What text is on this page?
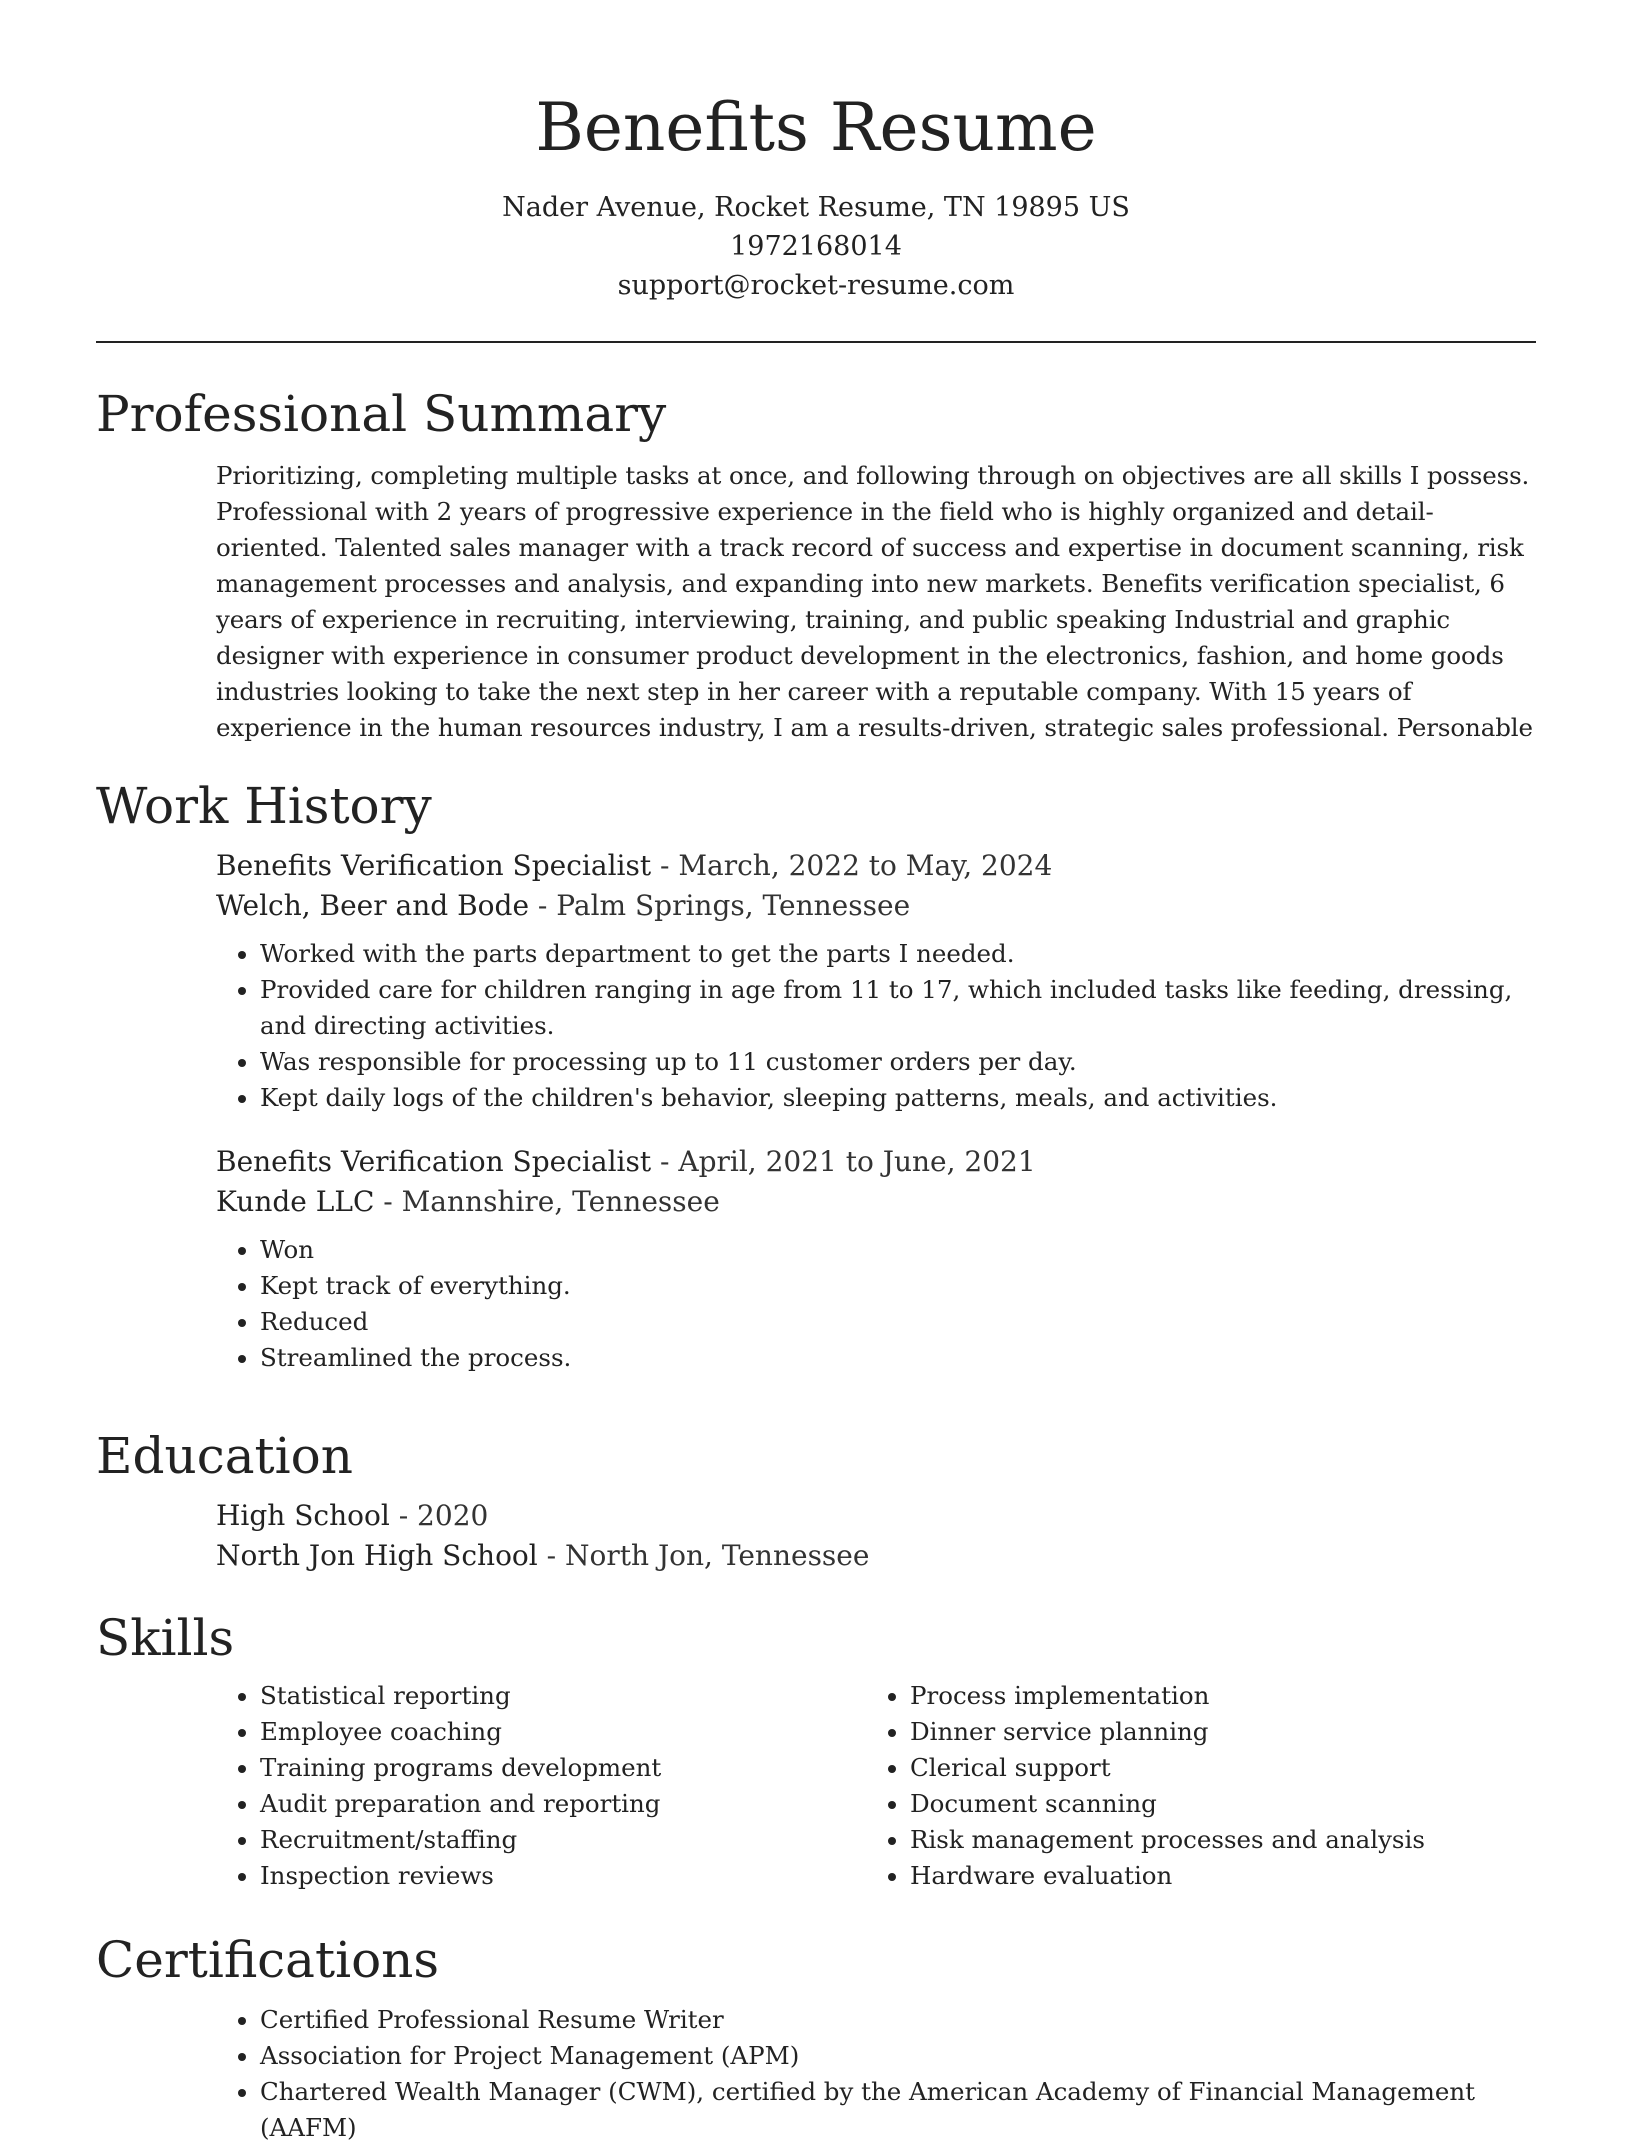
Benefits Resume
Nader Avenue, Rocket Resume, TN 19895 US
1972168014
support@rocket-resume.com
Professional Summary
Prioritizing, completing multiple tasks at once, and following through on objectives are all skills I possess. Professional with 2 years of progressive experience in the field who is highly organized and detail-oriented. Talented sales manager with a track record of success and expertise in document scanning, risk management processes and analysis, and expanding into new markets. Benefits verification specialist, 6 years of experience in recruiting, interviewing, training, and public speaking Industrial and graphic designer with experience in consumer product development in the electronics, fashion, and home goods industries looking to take the next step in her career with a reputable company. With 15 years of experience in the human resources industry, I am a results-driven, strategic sales professional. Personable
Work History
Benefits Verification Specialist - March, 2022 to May, 2024
Welch, Beer and Bode - Palm Springs, Tennessee
• Worked with the parts department to get the parts I needed.
• Provided care for children ranging in age from 11 to 17, which included tasks like feeding, dressing, and directing activities.
• Was responsible for processing up to 11 customer orders per day.
• Kept daily logs of the children's behavior, sleeping patterns, meals, and activities.
Benefits Verification Specialist - April, 2021 to June, 2021
Kunde LLC - Mannshire, Tennessee
• Won
• Kept track of everything.
• Reduced
• Streamlined the process.
Education
High School - 2020
North Jon High School - North Jon, Tennessee
Skills
• Statistical reporting
• Employee coaching
• Training programs development
• Audit preparation and reporting
• Recruitment/staffing
• Inspection reviews
• Process implementation
• Dinner service planning
• Clerical support
• Document scanning
• Risk management processes and analysis
• Hardware evaluation
Certifications
• Certified Professional Resume Writer
• Association for Project Management (APM)
• Chartered Wealth Manager (CWM), certified by the American Academy of Financial Management (AAFM)
